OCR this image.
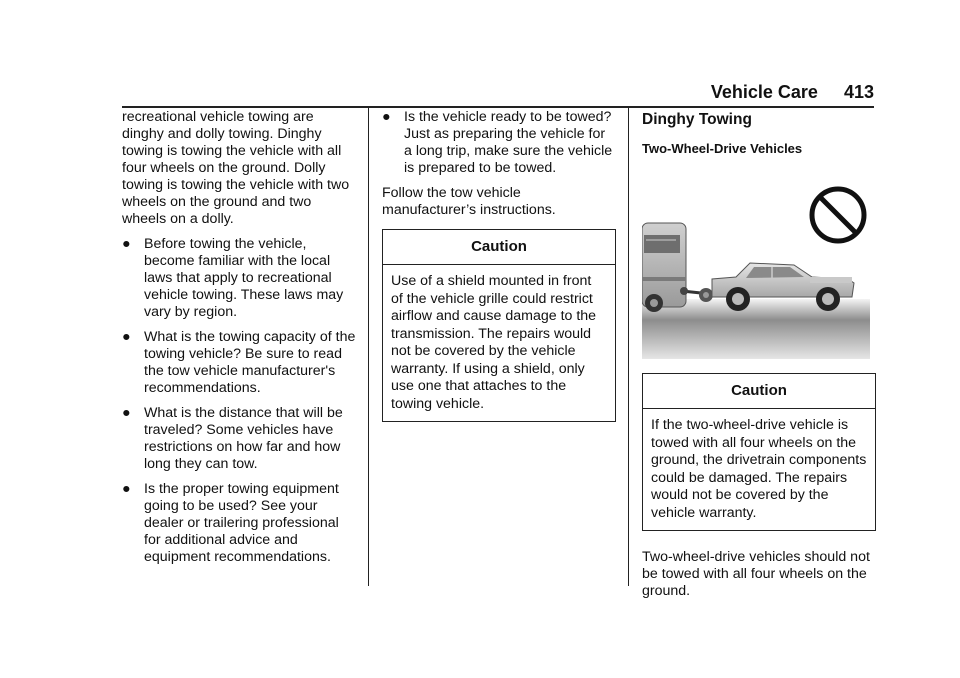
Vehicle Care 413

recreational vehicle towing are dinghy and dolly towing. Dinghy towing is towing the vehicle with all four wheels on the ground. Dolly towing is towing the vehicle with two wheels on the ground and two wheels on a dolly.

● Before towing the vehicle, become familiar with the local laws that apply to recreational vehicle towing. These laws may vary by region.
● What is the towing capacity of the towing vehicle? Be sure to read the tow vehicle manufacturer's recommendations.
● What is the distance that will be traveled? Some vehicles have restrictions on how far and how long they can tow.
● Is the proper towing equipment going to be used? See your dealer or trailering professional for additional advice and equipment recommendations.
● Is the vehicle ready to be towed? Just as preparing the vehicle for a long trip, make sure the vehicle is prepared to be towed.

Follow the tow vehicle manufacturer’s instructions.

Caution
Use of a shield mounted in front of the vehicle grille could restrict airflow and cause damage to the transmission. The repairs would not be covered by the vehicle warranty. If using a shield, only use one that attaches to the towing vehicle.
Dinghy Towing
Two-Wheel-Drive Vehicles
Caution
If the two-wheel-drive vehicle is towed with all four wheels on the ground, the drivetrain components could be damaged. The repairs would not be covered by the vehicle warranty.

Two-wheel-drive vehicles should not be towed with all four wheels on the ground.
